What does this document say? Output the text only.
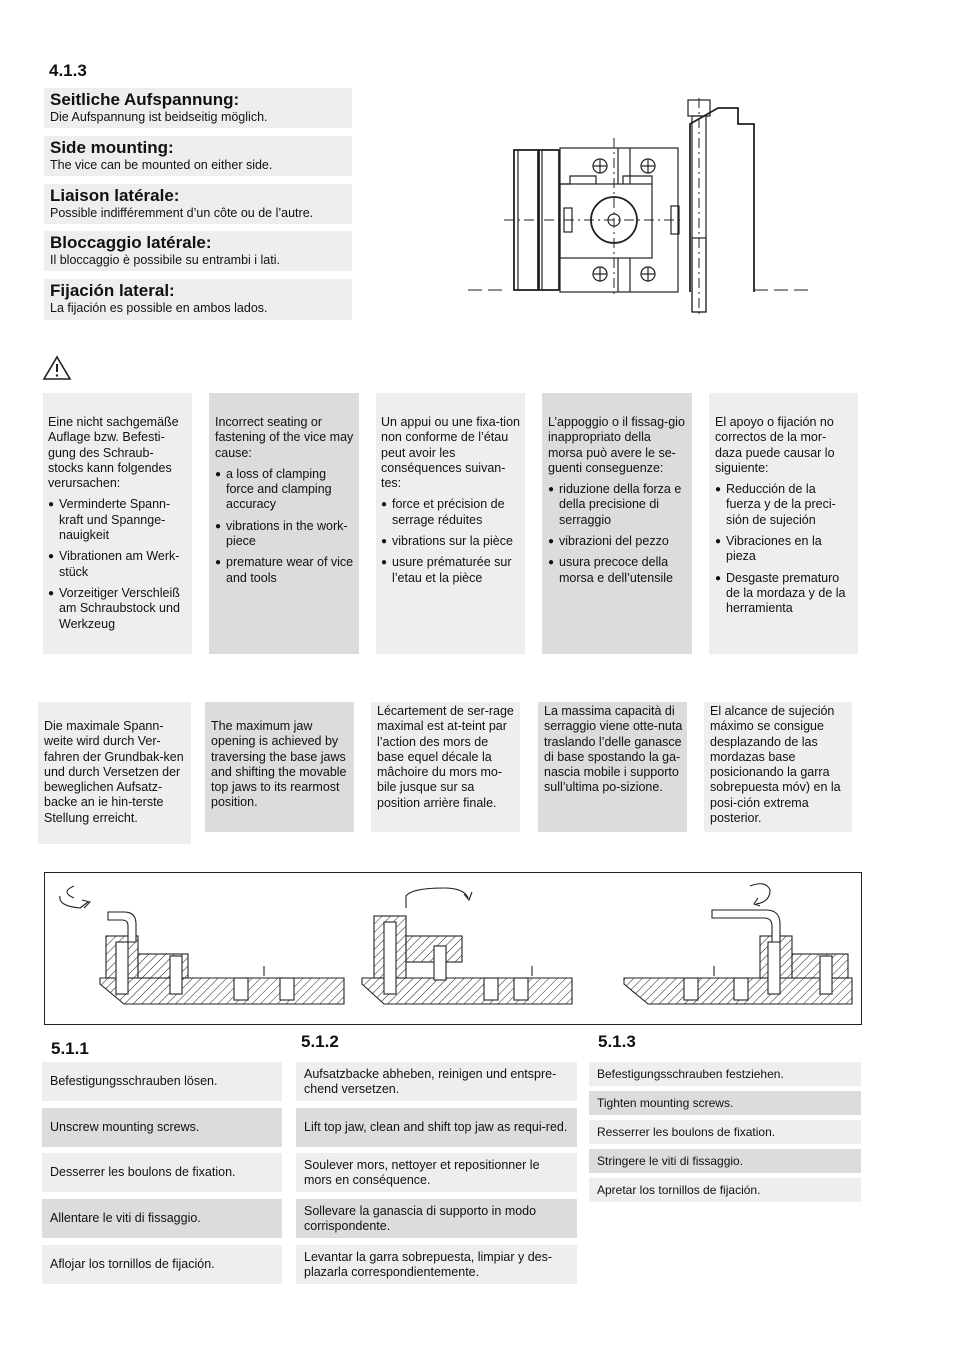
4.1.3
Seitliche Aufspannung:
Die Aufspannung ist beidseitig möglich.
Side mounting:
The vice can be mounted on either side.
Liaison latérale:
Possible indifféremment d’un côte ou de l’autre.
Bloccaggio latérale:
Il bloccaggio è possibile su entrambi i lati.
Fijación lateral:
La fijación es possible en ambos lados.

Eine nicht sachgemäße Auflage bzw. Befesti-gung des Schraub-stocks kann folgendes verursachen:

● Verminderte Spann-kraft und Spannge-nauigkeit
● Vibrationen am Werk-stück
● Vorzeitiger Verschleiß am Schraubstock und Werkzeug

Incorrect seating or fastening of the vice may cause:

● a loss of clamping force and clamping accuracy
● vibrations in the work-piece
● premature wear of vice and tools

Un appui ou une fixa-tion non conforme de l’étau peut avoir les conséquences suivan-tes:

● force et précision de serrage réduites
● vibrations sur la pièce
● usure prématurée sur l’etau et la pièce

L’appoggio o il fissag-gio inappropriato della morsa può avere le se-guenti conseguenze:

● riduzione della forza e della precisione di serraggio
● vibrazioni del pezzo
● usura precoce della morsa e dell’utensile

El apoyo o fijación no correctos de la mor-daza puede causar lo siguiente:

● Reducción de la fuerza y de la preci-sión de sujeción
● Vibraciones en la pieza
● Desgaste prematuro de la mordaza y de la herramienta
Die maximale Spann-weite wird durch Ver-fahren der Grundbak-ken und durch Versetzen der beweglichen Aufsatz-backe an ie hin-terste Stellung erreicht.
The maximum jaw opening is achieved by traversing the base jaws and shifting the movable top jaws to its rearmost position.
Lécartement de ser-rage maximal est at-teint par l’action des mors de base equel décale la mâchoire du mors mo-bile jusque sur sa position arrière finale.
La massima capacità di serraggio viene otte-nuta traslando l’delle ganasce di base spostando la ga-nascia mobile i supporto sull’ultima po-sizione.
El alcance de sujeción máximo se consigue desplazando de las mordazas base posicionando la garra sobrepuesta móv) en la posi-ción extrema posterior.
5.1.1	5.1.2	5.1.3
Befestigungsschrauben lösen.
Unscrew mounting screws.
Desserrer les boulons de fixation.
Allentare le viti di fissaggio.
Aflojar los tornillos de fijación.
Aufsatzbacke abheben, reinigen und entspre-chend versetzen.
Lift top jaw, clean and shift top jaw as requi-red.
Soulever mors, nettoyer et repositionner le mors en conséquence.
Sollevare la ganascia di supporto in modo corrispondente.
Levantar la garra sobrepuesta, limpiar y des-plazarla correspondientemente.
Befestigungsschrauben festziehen.
Tighten mounting screws.
Resserrer les boulons de fixation.
Stringere le viti di fissaggio.
Apretar los tornillos de fijación.
